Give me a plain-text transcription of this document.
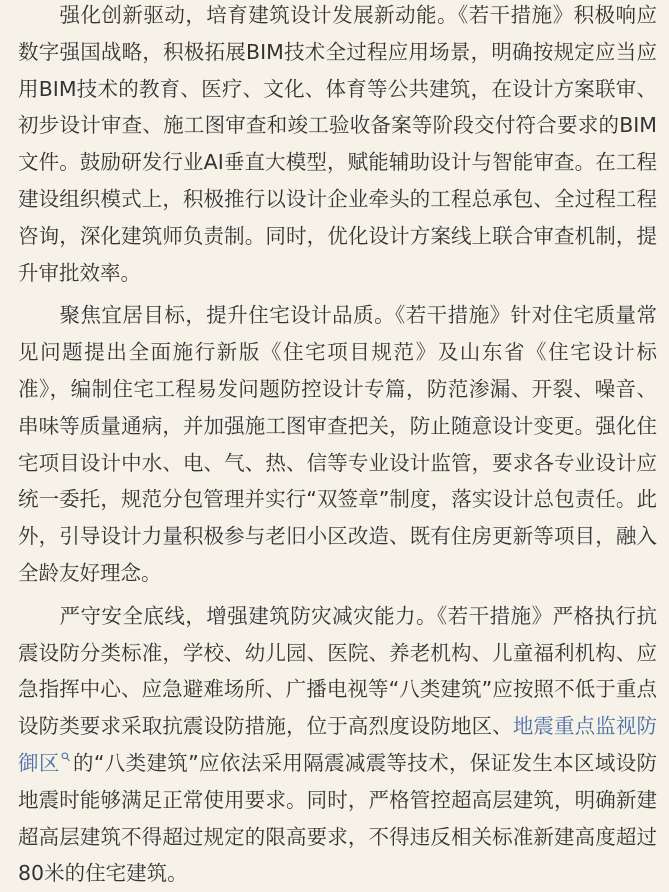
强化创新驱动，培育建筑设计发展新动能。《若干措施》积极响应数字强国战略，积极拓展BIM技术全过程应用场景，明确按规定应当应用BIM技术的教育、医疗、文化、体育等公共建筑，在设计方案联审、初步设计审查、施工图审查和竣工验收备案等阶段交付符合要求的BIM文件。鼓励研发行业AI垂直大模型，赋能辅助设计与智能审查。在工程建设组织模式上，积极推行以设计企业牵头的工程总承包、全过程工程咨询，深化建筑师负责制。同时，优化设计方案线上联合审查机制，提升审批效率。

聚焦宜居目标，提升住宅设计品质。《若干措施》针对住宅质量常见问题提出全面施行新版《住宅项目规范》及山东省《住宅设计标准》，编制住宅工程易发问题防控设计专篇，防范渗漏、开裂、噪音、串味等质量通病，并加强施工图审查把关，防止随意设计变更。强化住宅项目设计中水、电、气、热、信等专业设计监管，要求各专业设计应统一委托，规范分包管理并实行“双签章”制度，落实设计总包责任。此外，引导设计力量积极参与老旧小区改造、既有住房更新等项目，融入全龄友好理念。

严守安全底线，增强建筑防灾减灾能力。《若干措施》严格执行抗震设防分类标准，学校、幼儿园、医院、养老机构、儿童福利机构、应急指挥中心、应急避难场所、广播电视等“八类建筑”应按照不低于重点设防类要求采取抗震设防措施，位于高烈度设防地区、地震重点监视防御区 的“八类建筑”应依法采用隔震减震等技术，保证发生本区域设防地震时能够满足正常使用要求。同时，严格管控超高层建筑，明确新建超高层建筑不得超过规定的限高要求，不得违反相关标准新建高度超过80米的住宅建筑。
